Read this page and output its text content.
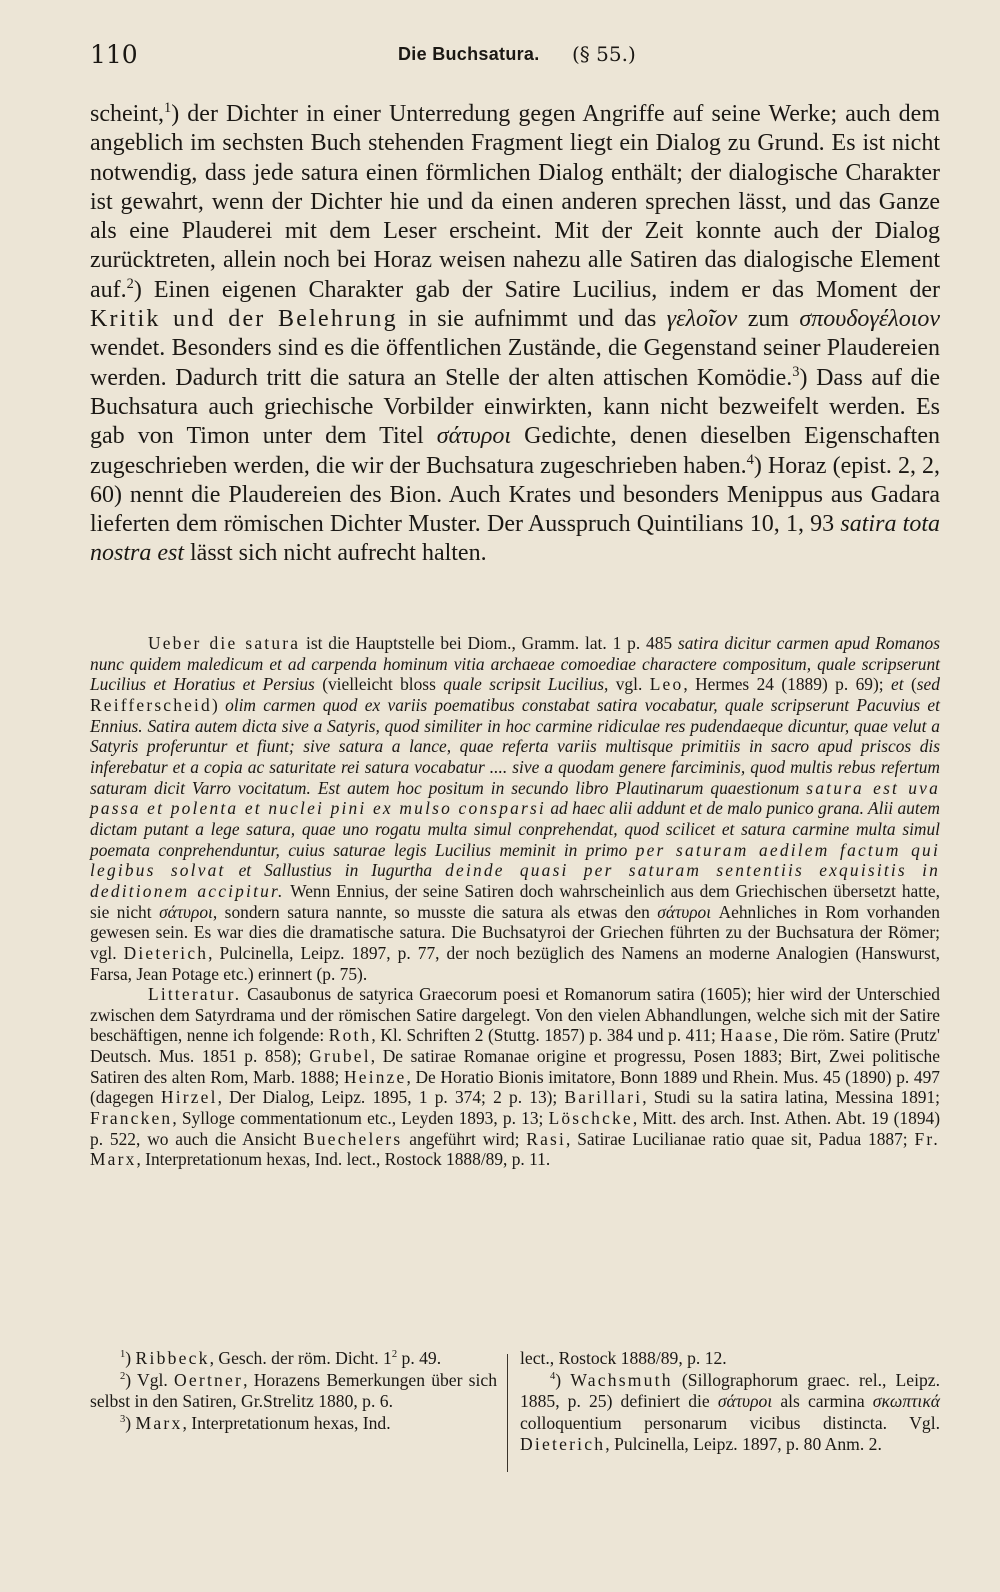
110	Die Buchsatura. (§ 55.)

scheint,$^1$) der Dichter in einer Unterredung gegen Angriffe auf seine Werke; auch dem angeblich im sechsten Buch stehenden Fragment liegt ein Dialog zu Grund. Es ist nicht notwendig, dass jede satura einen förmlichen Dialog enthält; der dialogische Charakter ist gewahrt, wenn der Dichter hie und da einen anderen sprechen lässt, und das Ganze als eine Plauderei mit dem Leser erscheint. Mit der Zeit konnte auch der Dialog zurücktreten, allein noch bei Horaz weisen nahezu alle Satiren das dialogische Element auf.$^2$) Einen eigenen Charakter gab der Satire Lucilius, indem er das Moment der Kritik und der Belehrung in sie aufnimmt und das γελοῖον zum σπουδογέλοιον wendet. Besonders sind es die öffentlichen Zustände, die Gegenstand seiner Plaudereien werden. Dadurch tritt die satura an Stelle der alten attischen Komödie.$^3$) Dass auf die Buchsatura auch griechische Vorbilder einwirkten, kann nicht bezweifelt werden. Es gab von Timon unter dem Titel σάτυροι Gedichte, denen dieselben Eigenschaften zugeschrieben werden, die wir der Buchsatura zugeschrieben haben.$^4$) Horaz (epist. 2, 2, 60) nennt die Plaudereien des Bion. Auch Krates und besonders Menippus aus Gadara lieferten dem römischen Dichter Muster. Der Ausspruch Quintilians 10, 1, 93 satira tota nostra est lässt sich nicht aufrecht halten.

Ueber die satura ist die Hauptstelle bei Diom., Gramm. lat. 1 p. 485 satira dicitur carmen apud Romanos nunc quidem maledicum et ad carpenda hominum vitia archaeae comoediae charactere compositum, quale scripserunt Lucilius et Horatius et Persius (vielleicht bloss quale scripsit Lucilius, vgl. Leo, Hermes 24 (1889) p. 69); et (sed Reifferscheid) olim carmen quod ex variis poematibus constabat satira vocabatur, quale scripserunt Pacuvius et Ennius. Satira autem dicta sive a Satyris, quod similiter in hoc carmine ridiculae res pudendaeque dicuntur, quae velut a Satyris proferuntur et fiunt; sive satura a lance, quae referta variis multisque primitiis in sacro apud priscos dis inferebatur et a copia ac saturitate rei satura vocabatur .... sive a quodam genere farciminis, quod multis rebus refertum saturam dicit Varro vocitatum. Est autem hoc positum in secundo libro Plautinarum quaestionum satura est uva passa et polenta et nuclei pini ex mulso consparsi ad haec alii addunt et de malo punico grana. Alii autem dictam putant a lege satura, quae uno rogatu multa simul conprehendat, quod scilicet et satura carmine multa simul poemata conprehenduntur, cuius saturae legis Lucilius meminit in primo per saturam aedilem factum qui legibus solvat et Sallustius in Iugurtha deinde quasi per saturam sententiis exquisitis in deditionem accipitur. Wenn Ennius, der seine Satiren doch wahrscheinlich aus dem Griechischen übersetzt hatte, sie nicht σάτυροι, sondern satura nannte, so musste die satura als etwas den σάτυροι Aehnliches in Rom vorhanden gewesen sein. Es war dies die dramatische satura. Die Buchsatyroi der Griechen führten zu der Buchsatura der Römer; vgl. Dieterich, Pulcinella, Leipz. 1897, p. 77, der noch bezüglich des Namens an moderne Analogien (Hanswurst, Farsa, Jean Potage etc.) erinnert (p. 75).

Litteratur. Casaubonus de satyrica Graecorum poesi et Romanorum satira (1605); hier wird der Unterschied zwischen dem Satyrdrama und der römischen Satire dargelegt. Von den vielen Abhandlungen, welche sich mit der Satire beschäftigen, nenne ich folgende: Roth, Kl. Schriften 2 (Stuttg. 1857) p. 384 und p. 411; Haase, Die röm. Satire (Prutz' Deutsch. Mus. 1851 p. 858); Grubel, De satirae Romanae origine et progressu, Posen 1883; Birt, Zwei politische Satiren des alten Rom, Marb. 1888; Heinze, De Horatio Bionis imitatore, Bonn 1889 und Rhein. Mus. 45 (1890) p. 497 (dagegen Hirzel, Der Dialog, Leipz. 1895, 1 p. 374; 2 p. 13); Barillari, Studi su la satira latina, Messina 1891; Francken, Sylloge commentationum etc., Leyden 1893, p. 13; Löschcke, Mitt. des arch. Inst. Athen. Abt. 19 (1894) p. 522, wo auch die Ansicht Buechelers angeführt wird; Rasi, Satirae Lucilianae ratio quae sit, Padua 1887; Fr. Marx, Interpretationum hexas, Ind. lect., Rostock 1888/89, p. 11.

$^1$) Ribbeck, Gesch. der röm. Dicht. $1^2$ p. 49.

$^2$) Vgl. Oertner, Horazens Bemerkungen über sich selbst in den Satiren, Gr.Strelitz 1880, p. 6.

$^3$) Marx, Interpretationum hexas, Ind.

lect., Rostock 1888/89, p. 12.

$^4$) Wachsmuth (Sillographorum graec. rel., Leipz. 1885, p. 25) definiert die σάτυροι als carmina σκωπτικά colloquentium personarum vicibus distincta. Vgl. Dieterich, Pulcinella, Leipz. 1897, p. 80 Anm. 2.
